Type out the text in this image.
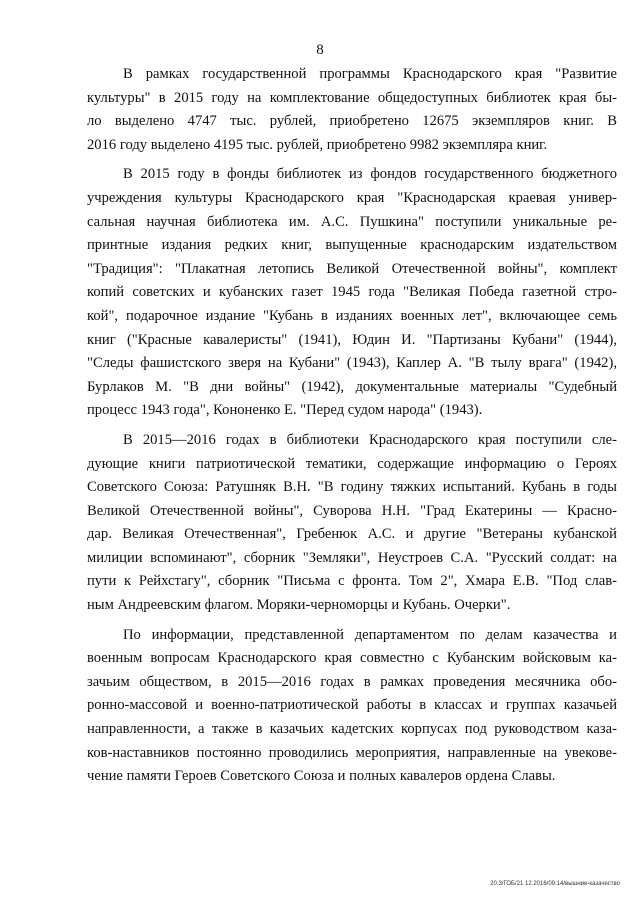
8
В рамках государственной программы Краснодарского края "Развитие
культуры" в 2015 году на комплектование общедоступных библиотек края бы-
ло выделено 4747 тыс. рублей, приобретено 12675 экземпляров книг. В
2016 году выделено 4195 тыс. рублей, приобретено 9982 экземпляра книг.
В 2015 году в фонды библиотек из фондов государственного бюджетного
учреждения культуры Краснодарского края "Краснодарская краевая универ-
сальная научная библиотека им. А.С. Пушкина" поступили уникальные ре-
принтные издания редких книг, выпущенные краснодарским издательством
"Традиция": "Плакатная летопись Великой Отечественной войны", комплект
копий советских и кубанских газет 1945 года "Великая Победа газетной стро-
кой", подарочное издание "Кубань в изданиях военных лет", включающее семь
книг ("Красные кавалеристы" (1941), Юдин И. "Партизаны Кубани" (1944),
"Следы фашистского зверя на Кубани" (1943), Каплер А. "В тылу врага" (1942),
Бурлаков М. "В дни войны" (1942), документальные материалы "Судебный
процесс 1943 года", Кононенко Е. "Перед судом народа" (1943).
В 2015—2016 годах в библиотеки Краснодарского края поступили сле-
дующие книги патриотической тематики, содержащие информацию о Героях
Советского Союза: Ратушняк В.Н. "В годину тяжких испытаний. Кубань в годы
Великой Отечественной войны", Суворова Н.Н. "Град Екатерины — Красно-
дар. Великая Отечественная", Гребенюк А.С. и другие "Ветераны кубанской
милиции вспоминают", сборник "Земляки", Неустроев С.А. "Русский солдат: на
пути к Рейхстагу", сборник "Письма с фронта. Том 2", Хмара Е.В. "Под слав-
ным Андреевским флагом. Моряки-черноморцы и Кубань. Очерки".
По информации, представленной департаментом по делам казачества и
военным вопросам Краснодарского края совместно с Кубанским войсковым ка-
зачьим обществом, в 2015—2016 годах в рамках проведения месячника обо-
ронно-массовой и военно-патриотической работы в классах и группах казачьей
направленности, а также в казачьих кадетских корпусах под руководством каза-
ков-наставников постоянно проводились мероприятия, направленные на увекове-
чение памяти Героев Советского Союза и полных кавалеров ордена Славы.
20.3/ГОБ/21 12.2016/09:14/вышние-казачество
